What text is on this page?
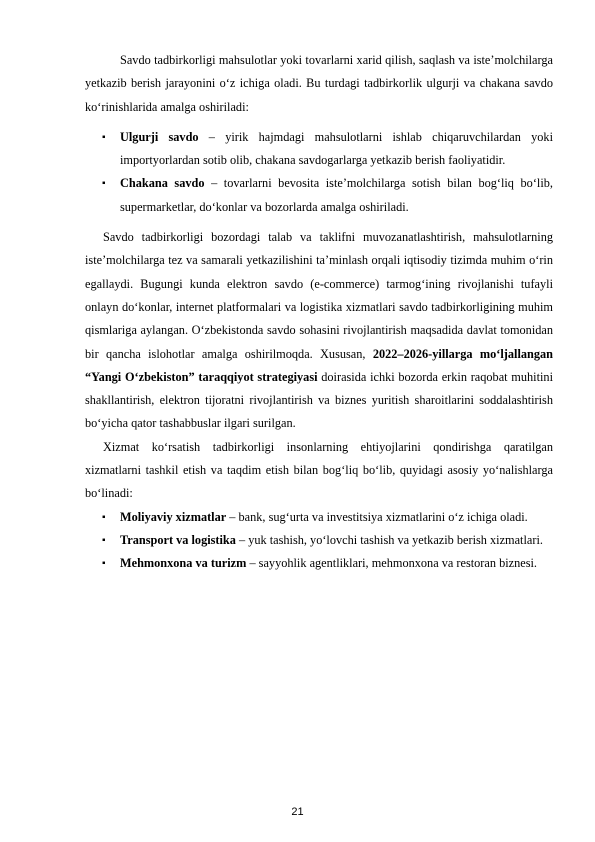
Savdo tadbirkorligi mahsulotlar yoki tovarlarni xarid qilish, saqlash va iste’molchilarga yetkazib berish jarayonini o‘z ichiga oladi. Bu turdagi tadbirkorlik ulgurji va chakana savdo ko‘rinishlarida amalga oshiriladi:

▪ Ulgurji savdo – yirik hajmdagi mahsulotlarni ishlab chiqaruvchilardan yoki importyorlardan sotib olib, chakana savdogarlarga yetkazib berish faoliyatidir.
▪ Chakana savdo – tovarlarni bevosita iste’molchilarga sotish bilan bog‘liq bo‘lib, supermarketlar, do‘konlar va bozorlarda amalga oshiriladi.

Savdo tadbirkorligi bozordagi talab va taklifni muvozanatlashtirish, mahsulotlarning iste’molchilarga tez va samarali yetkazilishini ta’minlash orqali iqtisodiy tizimda muhim o‘rin egallaydi. Bugungi kunda elektron savdo (e-commerce) tarmog‘ining rivojlanishi tufayli onlayn do‘konlar, internet platformalari va logistika xizmatlari savdo tadbirkorligining muhim qismlariga aylangan. O‘zbekistonda savdo sohasini rivojlantirish maqsadida davlat tomonidan bir qancha islohotlar amalga oshirilmoqda. Xususan, 2022–2026-yillarga mo‘ljallangan “Yangi O‘zbekiston” taraqqiyot strategiyasi doirasida ichki bozorda erkin raqobat muhitini shakllantirish, elektron tijoratni rivojlantirish va biznes yuritish sharoitlarini soddalashtirish bo‘yicha qator tashabbuslar ilgari surilgan.

Xizmat ko‘rsatish tadbirkorligi insonlarning ehtiyojlarini qondirishga qaratilgan xizmatlarni tashkil etish va taqdim etish bilan bog‘liq bo‘lib, quyidagi asosiy yo‘nalishlarga bo‘linadi:

▪ Moliyaviy xizmatlar – bank, sug‘urta va investitsiya xizmatlarini o‘z ichiga oladi.
▪ Transport va logistika – yuk tashish, yo‘lovchi tashish va yetkazib berish xizmatlari.
▪ Mehmonxona va turizm – sayyohlik agentliklari, mehmonxona va restoran biznesi.
21
